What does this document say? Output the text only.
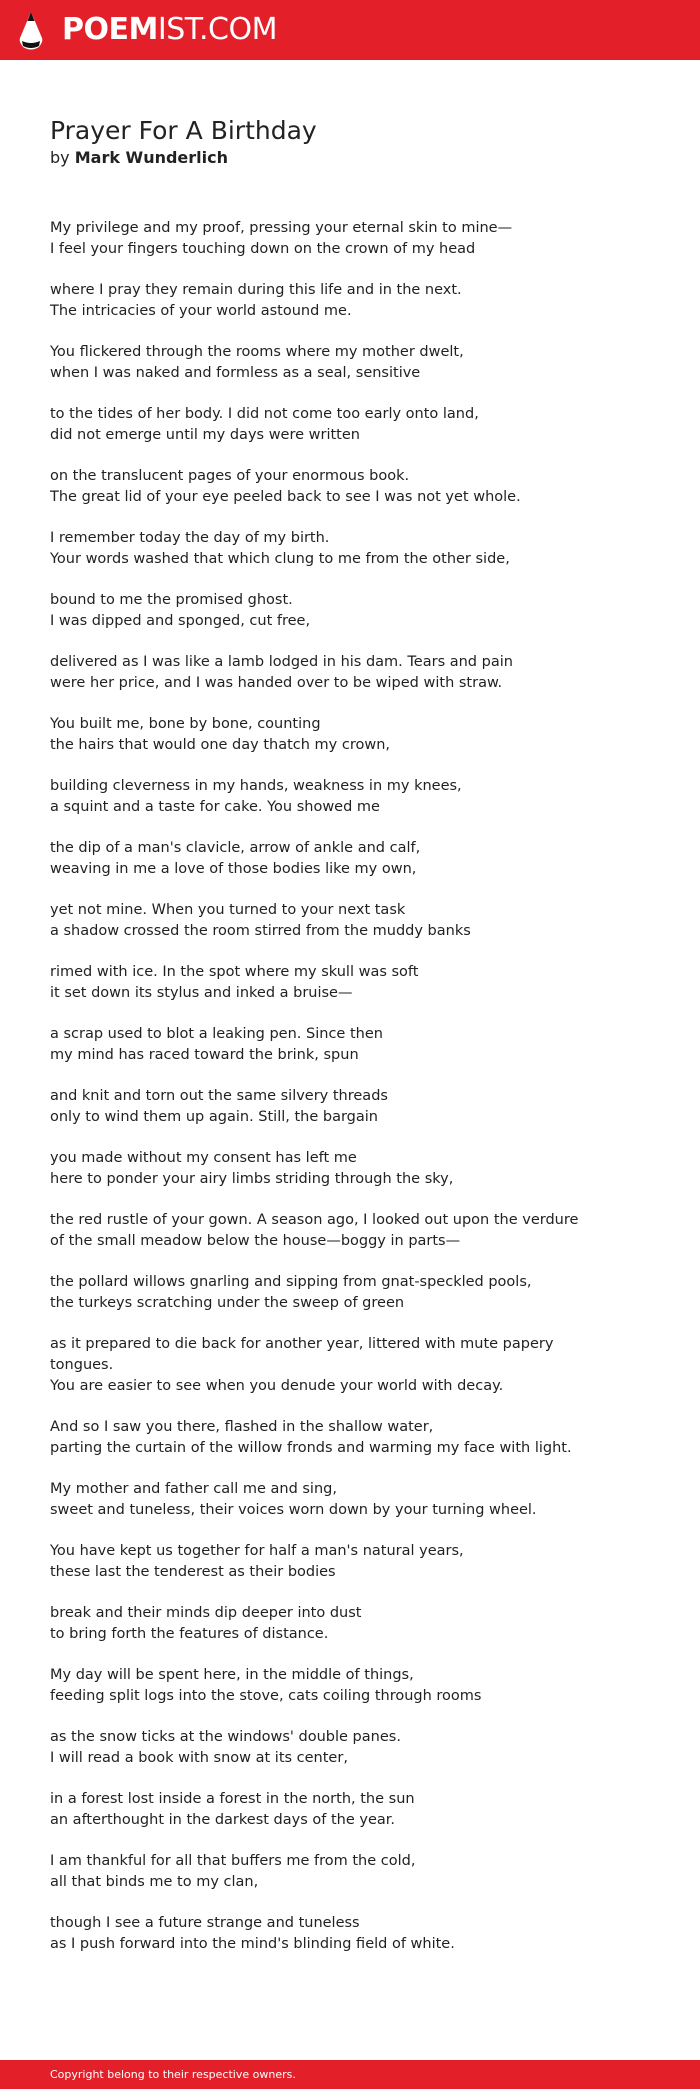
POEMIST.COM
Prayer For A Birthday
by Mark Wunderlich
My privilege and my proof, pressing your eternal skin to mine—
I feel your fingers touching down on the crown of my head
where I pray they remain during this life and in the next.
The intricacies of your world astound me.
You flickered through the rooms where my mother dwelt,
when I was naked and formless as a seal, sensitive
to the tides of her body. I did not come too early onto land,
did not emerge until my days were written
on the translucent pages of your enormous book.
The great lid of your eye peeled back to see I was not yet whole.
I remember today the day of my birth.
Your words washed that which clung to me from the other side,
bound to me the promised ghost.
I was dipped and sponged, cut free,
delivered as I was like a lamb lodged in his dam. Tears and pain
were her price, and I was handed over to be wiped with straw.
You built me, bone by bone, counting
the hairs that would one day thatch my crown,
building cleverness in my hands, weakness in my knees,
a squint and a taste for cake. You showed me
the dip of a man's clavicle, arrow of ankle and calf,
weaving in me a love of those bodies like my own,
yet not mine. When you turned to your next task
a shadow crossed the room stirred from the muddy banks
rimed with ice. In the spot where my skull was soft
it set down its stylus and inked a bruise—
a scrap used to blot a leaking pen. Since then
my mind has raced toward the brink, spun
and knit and torn out the same silvery threads
only to wind them up again. Still, the bargain
you made without my consent has left me
here to ponder your airy limbs striding through the sky,
the red rustle of your gown. A season ago, I looked out upon the verdure
of the small meadow below the house—boggy in parts—
the pollard willows gnarling and sipping from gnat-speckled pools,
the turkeys scratching under the sweep of green
as it prepared to die back for another year, littered with mute papery tongues.
You are easier to see when you denude your world with decay.
And so I saw you there, flashed in the shallow water,
parting the curtain of the willow fronds and warming my face with light.
My mother and father call me and sing,
sweet and tuneless, their voices worn down by your turning wheel.
You have kept us together for half a man's natural years,
these last the tenderest as their bodies
break and their minds dip deeper into dust
to bring forth the features of distance.
My day will be spent here, in the middle of things,
feeding split logs into the stove, cats coiling through rooms
as the snow ticks at the windows' double panes.
I will read a book with snow at its center,
in a forest lost inside a forest in the north, the sun
an afterthought in the darkest days of the year.
I am thankful for all that buffers me from the cold,
all that binds me to my clan,
though I see a future strange and tuneless
as I push forward into the mind's blinding field of white.
Copyright belong to their respective owners.
